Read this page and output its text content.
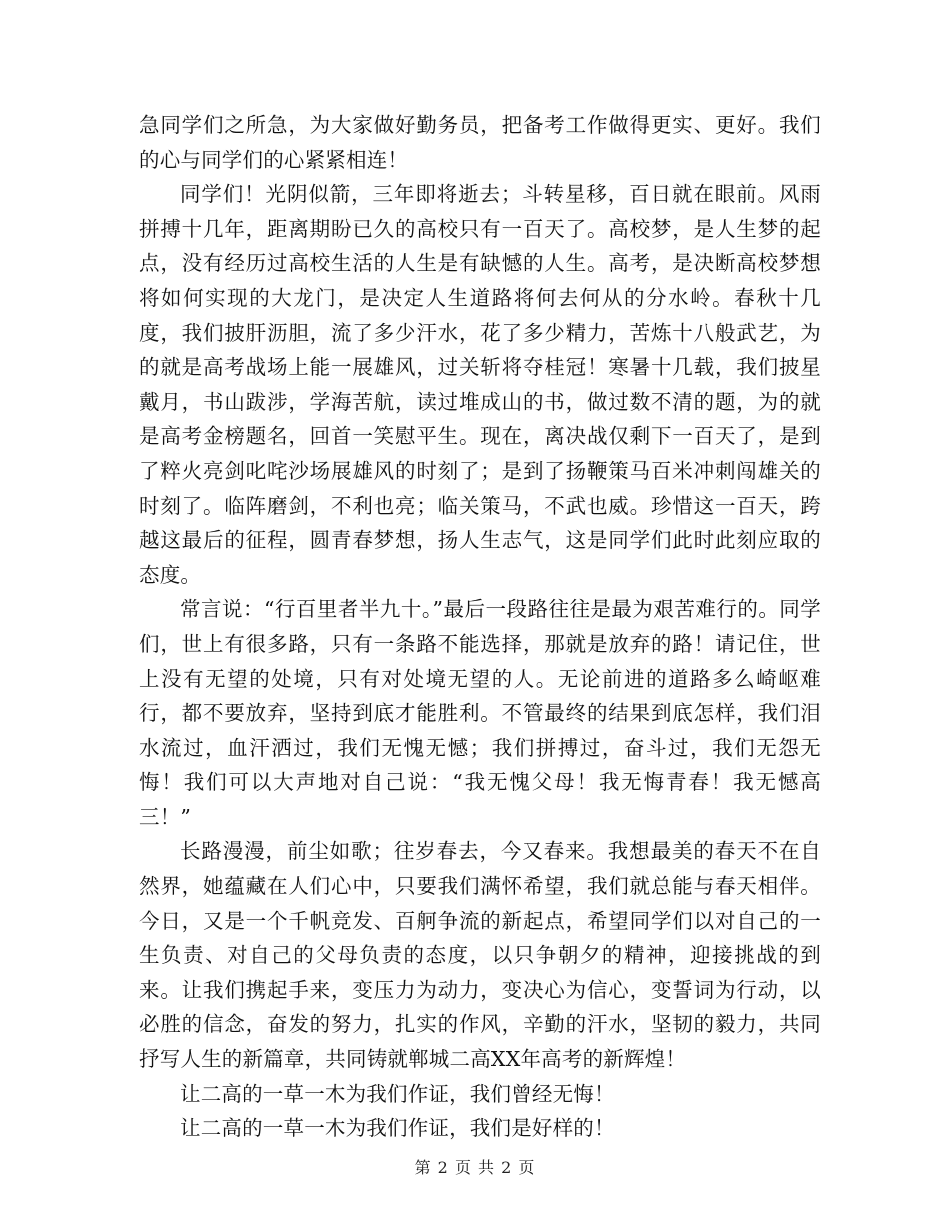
急同学们之所急，为大家做好勤务员，把备考工作做得更实、更好。我们的心与同学们的心紧紧相连！

同学们！光阴似箭，三年即将逝去；斗转星移，百日就在眼前。风雨拼搏十几年，距离期盼已久的高校只有一百天了。高校梦，是人生梦的起点，没有经历过高校生活的人生是有缺憾的人生。高考，是决断高校梦想将如何实现的大龙门，是决定人生道路将何去何从的分水岭。春秋十几度，我们披肝沥胆，流了多少汗水，花了多少精力，苦炼十八般武艺，为的就是高考战场上能一展雄风，过关斩将夺桂冠！寒暑十几载，我们披星戴月，书山跋涉，学海苦航，读过堆成山的书，做过数不清的题，为的就是高考金榜题名，回首一笑慰平生。现在，离决战仅剩下一百天了，是到了粹火亮剑叱咤沙场展雄风的时刻了；是到了扬鞭策马百米冲刺闯雄关的时刻了。临阵磨剑，不利也亮；临关策马，不武也威。珍惜这一百天，跨越这最后的征程，圆青春梦想，扬人生志气，这是同学们此时此刻应取的态度。

常言说：“行百里者半九十。”最后一段路往往是最为艰苦难行的。同学们，世上有很多路，只有一条路不能选择，那就是放弃的路！请记住，世上没有无望的处境，只有对处境无望的人。无论前进的道路多么崎岖难行，都不要放弃，坚持到底才能胜利。不管最终的结果到底怎样，我们泪水流过，血汗洒过，我们无愧无憾；我们拼搏过，奋斗过，我们无怨无悔！我们可以大声地对自己说：“我无愧父母！我无悔青春！我无憾高三！”

长路漫漫，前尘如歌；往岁春去，今又春来。我想最美的春天不在自然界，她蕴藏在人们心中，只要我们满怀希望，我们就总能与春天相伴。今日，又是一个千帆竞发、百舸争流的新起点，希望同学们以对自己的一生负责、对自己的父母负责的态度，以只争朝夕的精神，迎接挑战的到来。让我们携起手来，变压力为动力，变决心为信心，变誓词为行动，以必胜的信念，奋发的努力，扎实的作风，辛勤的汗水，坚韧的毅力，共同抒写人生的新篇章，共同铸就郸城二高XX年高考的新辉煌！

让二高的一草一木为我们作证，我们曾经无悔！

让二高的一草一木为我们作证，我们是好样的！

第 2 页 共 2 页
